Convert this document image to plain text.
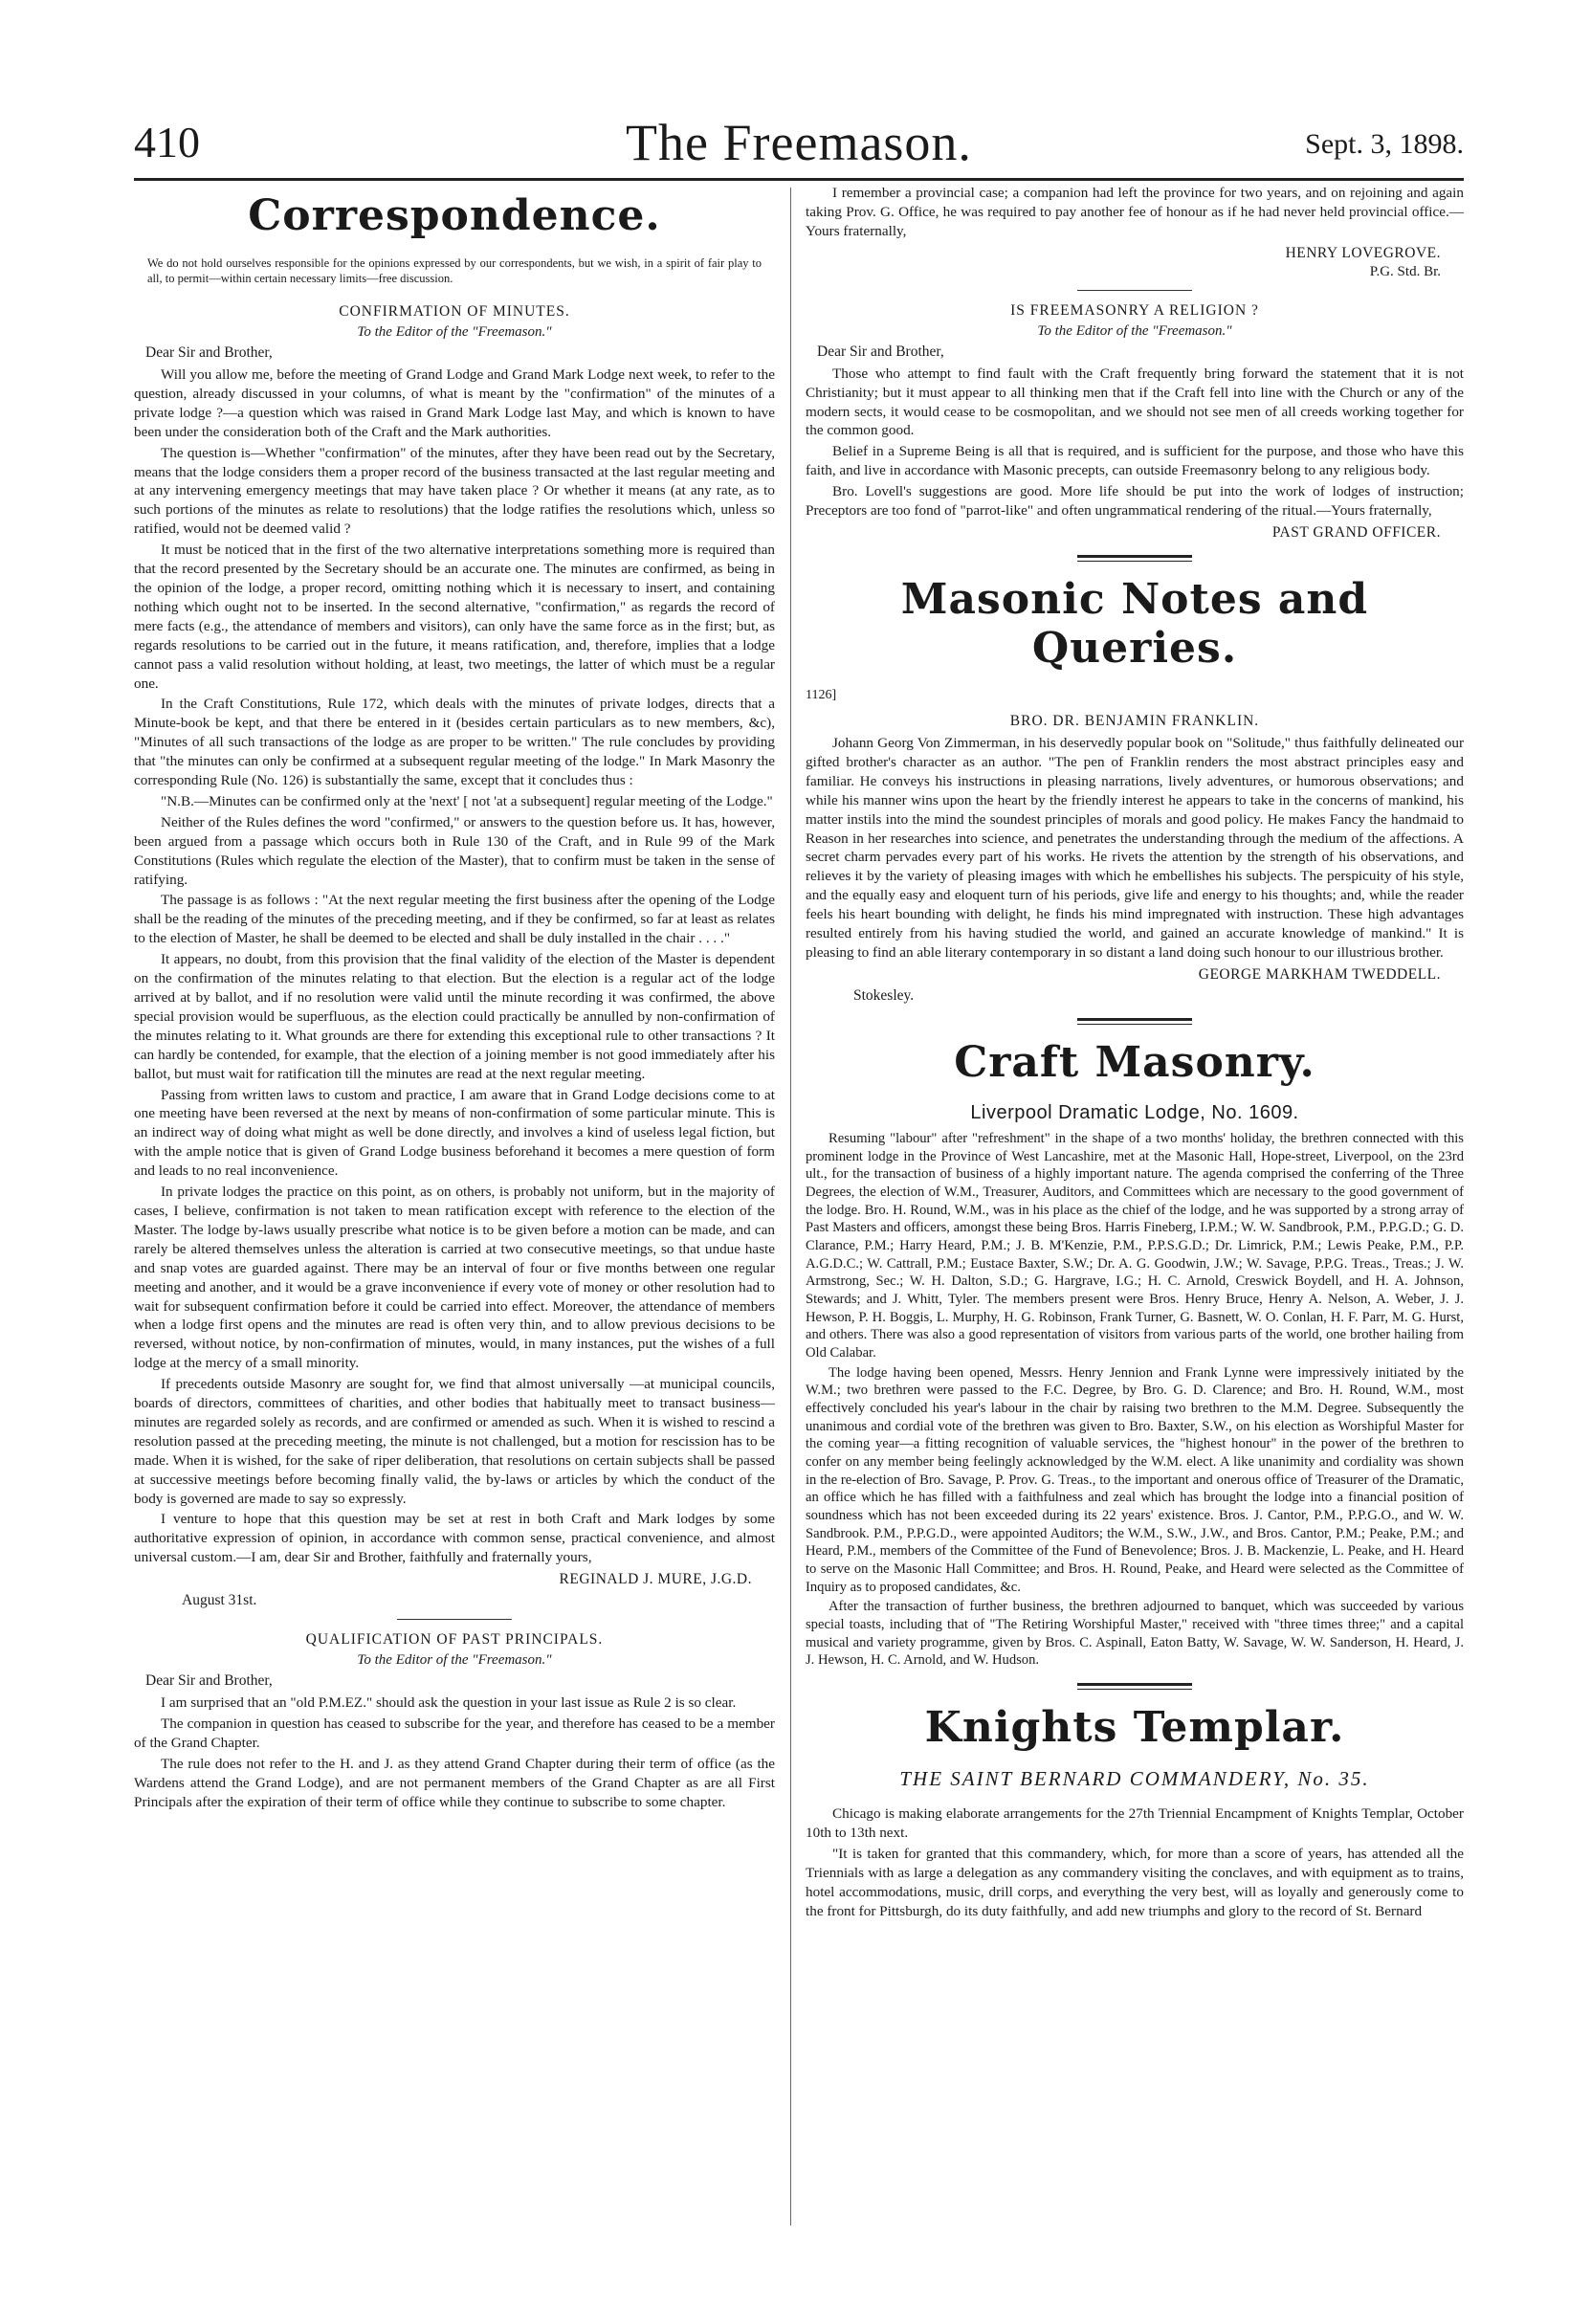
410	The Freemason.	Sept. 3, 1898.
Correspondence.
We do not hold ourselves responsible for the opinions expressed by our correspondents, but we wish, in a spirit of fair play to all, to permit—within certain necessary limits—free discussion.
CONFIRMATION OF MINUTES.
To the Editor of the "Freemason."
Dear Sir and Brother,

Will you allow me, before the meeting of Grand Lodge and Grand Mark Lodge next week, to refer to the question, already discussed in your columns, of what is meant by the "confirmation" of the minutes of a private lodge ?—a question which was raised in Grand Mark Lodge last May, and which is known to have been under the consideration both of the Craft and the Mark authorities.

The question is—Whether "confirmation" of the minutes, after they have been read out by the Secretary, means that the lodge considers them a proper record of the business transacted at the last regular meeting and at any intervening emergency meetings that may have taken place ? Or whether it means (at any rate, as to such portions of the minutes as relate to resolutions) that the lodge ratifies the resolutions which, unless so ratified, would not be deemed valid ?

It must be noticed that in the first of the two alternative interpretations something more is required than that the record presented by the Secretary should be an accurate one. The minutes are confirmed, as being in the opinion of the lodge, a proper record, omitting nothing which it is necessary to insert, and containing nothing which ought not to be inserted. In the second alternative, "confirmation," as regards the record of mere facts (e.g., the attendance of members and visitors), can only have the same force as in the first; but, as regards resolutions to be carried out in the future, it means ratification, and, therefore, implies that a lodge cannot pass a valid resolution without holding, at least, two meetings, the latter of which must be a regular one.

In the Craft Constitutions, Rule 172, which deals with the minutes of private lodges, directs that a Minute-book be kept, and that there be entered in it (besides certain particulars as to new members, &c), "Minutes of all such transactions of the lodge as are proper to be written." The rule concludes by providing that "the minutes can only be confirmed at a subsequent regular meeting of the lodge." In Mark Masonry the corresponding Rule (No. 126) is substantially the same, except that it concludes thus :

"N.B.—Minutes can be confirmed only at the 'next' [ not 'at a subsequent] regular meeting of the Lodge."

Neither of the Rules defines the word "confirmed," or answers to the question before us. It has, however, been argued from a passage which occurs both in Rule 130 of the Craft, and in Rule 99 of the Mark Constitutions (Rules which regulate the election of the Master), that to confirm must be taken in the sense of ratifying.

The passage is as follows : "At the next regular meeting the first business after the opening of the Lodge shall be the reading of the minutes of the preceding meeting, and if they be confirmed, so far at least as relates to the election of Master, he shall be deemed to be elected and shall be duly installed in the chair . . . ."

It appears, no doubt, from this provision that the final validity of the election of the Master is dependent on the confirmation of the minutes relating to that election. But the election is a regular act of the lodge arrived at by ballot, and if no resolution were valid until the minute recording it was confirmed, the above special provision would be superfluous, as the election could practically be annulled by non-confirmation of the minutes relating to it. What grounds are there for extending this exceptional rule to other transactions ? It can hardly be contended, for example, that the election of a joining member is not good immediately after his ballot, but must wait for ratification till the minutes are read at the next regular meeting.

Passing from written laws to custom and practice, I am aware that in Grand Lodge decisions come to at one meeting have been reversed at the next by means of non-confirmation of some particular minute. This is an indirect way of doing what might as well be done directly, and involves a kind of useless legal fiction, but with the ample notice that is given of Grand Lodge business beforehand it becomes a mere question of form and leads to no real inconvenience.

In private lodges the practice on this point, as on others, is probably not uniform, but in the majority of cases, I believe, confirmation is not taken to mean ratification except with reference to the election of the Master. The lodge by-laws usually prescribe what notice is to be given before a motion can be made, and can rarely be altered themselves unless the alteration is carried at two consecutive meetings, so that undue haste and snap votes are guarded against. There may be an interval of four or five months between one regular meeting and another, and it would be a grave inconvenience if every vote of money or other resolution had to wait for subsequent confirmation before it could be carried into effect. Moreover, the attendance of members when a lodge first opens and the minutes are read is often very thin, and to allow previous decisions to be reversed, without notice, by non-confirmation of minutes, would, in many instances, put the wishes of a full lodge at the mercy of a small minority.

If precedents outside Masonry are sought for, we find that almost universally —at municipal councils, boards of directors, committees of charities, and other bodies that habitually meet to transact business—minutes are regarded solely as records, and are confirmed or amended as such. When it is wished to rescind a resolution passed at the preceding meeting, the minute is not challenged, but a motion for rescission has to be made. When it is wished, for the sake of riper deliberation, that resolutions on certain subjects shall be passed at successive meetings before becoming finally valid, the by-laws or articles by which the conduct of the body is governed are made to say so expressly.

I venture to hope that this question may be set at rest in both Craft and Mark lodges by some authoritative expression of opinion, in accordance with common sense, practical convenience, and almost universal custom.—I am, dear Sir and Brother, faithfully and fraternally yours,

REGINALD J. MURE, J.G.D.
August 31st.
QUALIFICATION OF PAST PRINCIPALS.
To the Editor of the "Freemason."
Dear Sir and Brother,

I am surprised that an "old P.M.EZ." should ask the question in your last issue as Rule 2 is so clear.

The companion in question has ceased to subscribe for the year, and therefore has ceased to be a member of the Grand Chapter.

The rule does not refer to the H. and J. as they attend Grand Chapter during their term of office (as the Wardens attend the Grand Lodge), and are not permanent members of the Grand Chapter as are all First Principals after the expiration of their term of office while they continue to subscribe to some chapter.

I remember a provincial case; a companion had left the province for two years, and on rejoining and again taking Prov. G. Office, he was required to pay another fee of honour as if he had never held provincial office.—Yours fraternally,

HENRY LOVEGROVE.
P.G. Std. Br.
IS FREEMASONRY A RELIGION ?
To the Editor of the "Freemason."
Dear Sir and Brother,

Those who attempt to find fault with the Craft frequently bring forward the statement that it is not Christianity; but it must appear to all thinking men that if the Craft fell into line with the Church or any of the modern sects, it would cease to be cosmopolitan, and we should not see men of all creeds working together for the common good.

Belief in a Supreme Being is all that is required, and is sufficient for the purpose, and those who have this faith, and live in accordance with Masonic precepts, can outside Freemasonry belong to any religious body.

Bro. Lovell's suggestions are good. More life should be put into the work of lodges of instruction; Preceptors are too fond of "parrot-like" and often ungrammatical rendering of the ritual.—Yours fraternally,

PAST GRAND OFFICER.
Masonic Notes and Queries.
1126]
BRO. DR. BENJAMIN FRANKLIN.

Johann Georg Von Zimmerman, in his deservedly popular book on "Solitude," thus faithfully delineated our gifted brother's character as an author. "The pen of Franklin renders the most abstract principles easy and familiar. He conveys his instructions in pleasing narrations, lively adventures, or humorous observations; and while his manner wins upon the heart by the friendly interest he appears to take in the concerns of mankind, his matter instils into the mind the soundest principles of morals and good policy. He makes Fancy the handmaid to Reason in her researches into science, and penetrates the understanding through the medium of the affections. A secret charm pervades every part of his works. He rivets the attention by the strength of his observations, and relieves it by the variety of pleasing images with which he embellishes his subjects. The perspicuity of his style, and the equally easy and eloquent turn of his periods, give life and energy to his thoughts; and, while the reader feels his heart bounding with delight, he finds his mind impregnated with instruction. These high advantages resulted entirely from his having studied the world, and gained an accurate knowledge of mankind." It is pleasing to find an able literary contemporary in so distant a land doing such honour to our illustrious brother.

GEORGE MARKHAM TWEDDELL.
Stokesley.
Craft Masonry.
Liverpool Dramatic Lodge, No. 1609.

Resuming "labour" after "refreshment" in the shape of a two months' holiday, the brethren connected with this prominent lodge in the Province of West Lancashire, met at the Masonic Hall, Hope-street, Liverpool, on the 23rd ult., for the transaction of business of a highly important nature. The agenda comprised the conferring of the Three Degrees, the election of W.M., Treasurer, Auditors, and Committees which are necessary to the good government of the lodge. Bro. H. Round, W.M., was in his place as the chief of the lodge, and he was supported by a strong array of Past Masters and officers, amongst these being Bros. Harris Fineberg, I.P.M.; W. W. Sandbrook, P.M., P.P.G.D.; G. D. Clarance, P.M.; Harry Heard, P.M.; J. B. M'Kenzie, P.M., P.P.S.G.D.; Dr. Limrick, P.M.; Lewis Peake, P.M., P.P. A.G.D.C.; W. Cattrall, P.M.; Eustace Baxter, S.W.; Dr. A. G. Goodwin, J.W.; W. Savage, P.P.G. Treas., Treas.; J. W. Armstrong, Sec.; W. H. Dalton, S.D.; G. Hargrave, I.G.; H. C. Arnold, Creswick Boydell, and H. A. Johnson, Stewards; and J. Whitt, Tyler. The members present were Bros. Henry Bruce, Henry A. Nelson, A. Weber, J. J. Hewson, P. H. Boggis, L. Murphy, H. G. Robinson, Frank Turner, G. Basnett, W. O. Conlan, H. F. Parr, M. G. Hurst, and others. There was also a good representation of visitors from various parts of the world, one brother hailing from Old Calabar.

The lodge having been opened, Messrs. Henry Jennion and Frank Lynne were impressively initiated by the W.M.; two brethren were passed to the F.C. Degree, by Bro. G. D. Clarence; and Bro. H. Round, W.M., most effectively concluded his year's labour in the chair by raising two brethren to the M.M. Degree. Subsequently the unanimous and cordial vote of the brethren was given to Bro. Baxter, S.W., on his election as Worshipful Master for the coming year—a fitting recognition of valuable services, the "highest honour" in the power of the brethren to confer on any member being feelingly acknowledged by the W.M. elect. A like unanimity and cordiality was shown in the re-election of Bro. Savage, P. Prov. G. Treas., to the important and onerous office of Treasurer of the Dramatic, an office which he has filled with a faithfulness and zeal which has brought the lodge into a financial position of soundness which has not been exceeded during its 22 years' existence. Bros. J. Cantor, P.M., P.P.G.O., and W. W. Sandbrook. P.M., P.P.G.D., were appointed Auditors; the W.M., S.W., J.W., and Bros. Cantor, P.M.; Peake, P.M.; and Heard, P.M., members of the Committee of the Fund of Benevolence; Bros. J. B. Mackenzie, L. Peake, and H. Heard to serve on the Masonic Hall Committee; and Bros. H. Round, Peake, and Heard were selected as the Committee of Inquiry as to proposed candidates, &c.

After the transaction of further business, the brethren adjourned to banquet, which was succeeded by various special toasts, including that of "The Retiring Worshipful Master," received with "three times three;" and a capital musical and variety programme, given by Bros. C. Aspinall, Eaton Batty, W. Savage, W. W. Sanderson, H. Heard, J. J. Hewson, H. C. Arnold, and W. Hudson.

Knights Templar.
THE SAINT BERNARD COMMANDERY, No. 35.

Chicago is making elaborate arrangements for the 27th Triennial Encampment of Knights Templar, October 10th to 13th next.

"It is taken for granted that this commandery, which, for more than a score of years, has attended all the Triennials with as large a delegation as any commandery visiting the conclaves, and with equipment as to trains, hotel accommodations, music, drill corps, and everything the very best, will as loyally and generously come to the front for Pittsburgh, do its duty faithfully, and add new triumphs and glory to the record of St. Bernard
